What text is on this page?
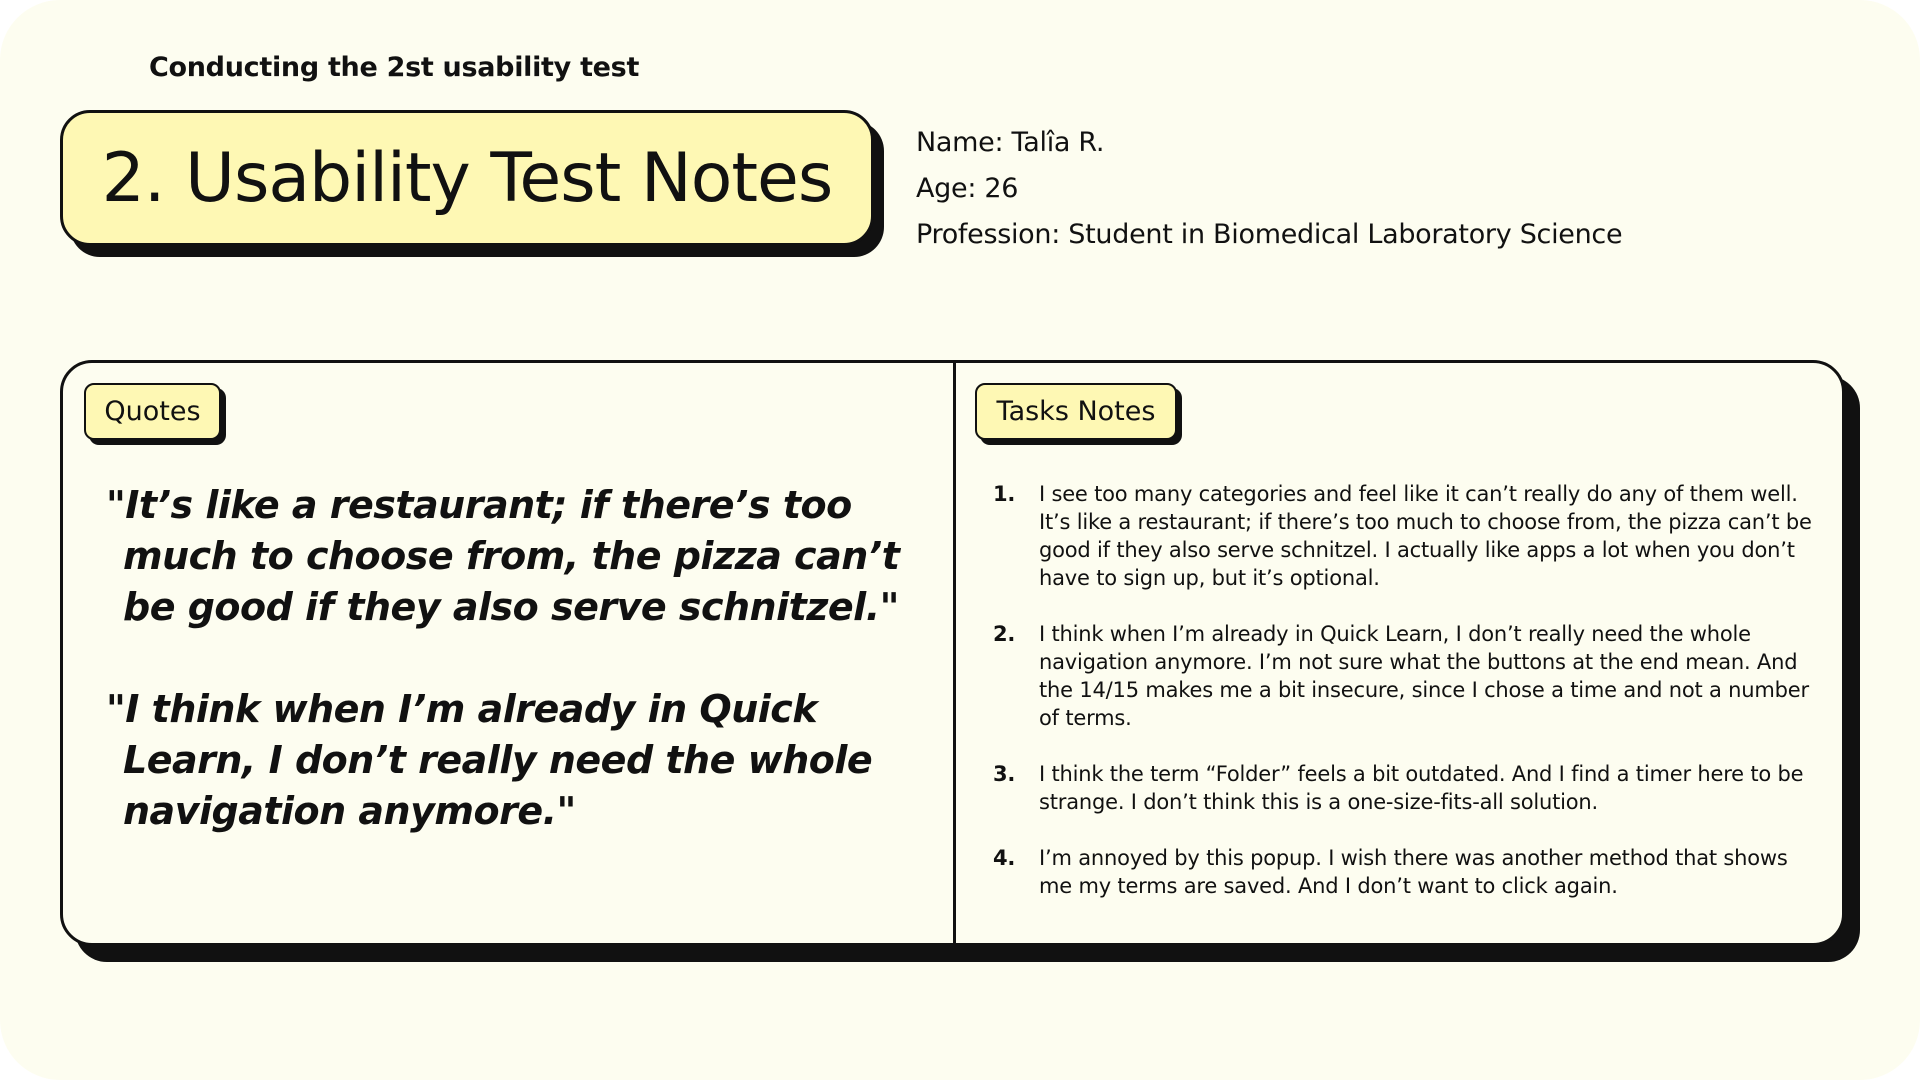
Conducting the 2st usability test
2. Usability Test Notes	Name: Talîa R.
Age: 26
Profession: Student in Biomedical Laboratory Science
Quotes	Tasks Notes

"It’s like a restaurant; if there’s too much to choose from, the pizza can’t be good if they also serve schnitzel."

"I think when I’m already in Quick Learn, I don’t really need the whole navigation anymore."

1. I see too many categories and feel like it can’t really do any of them well. It’s like a restaurant; if there’s too much to choose from, the pizza can’t be good if they also serve schnitzel. I actually like apps a lot when you don’t have to sign up, but it’s optional.
2. I think when I’m already in Quick Learn, I don’t really need the whole navigation anymore. I’m not sure what the buttons at the end mean. And the 14/15 makes me a bit insecure, since I chose a time and not a number of terms.
3. I think the term “Folder” feels a bit outdated. And I find a timer here to be strange. I don’t think this is a one-size-fits-all solution.
4. I’m annoyed by this popup. I wish there was another method that shows me my terms are saved. And I don’t want to click again.
